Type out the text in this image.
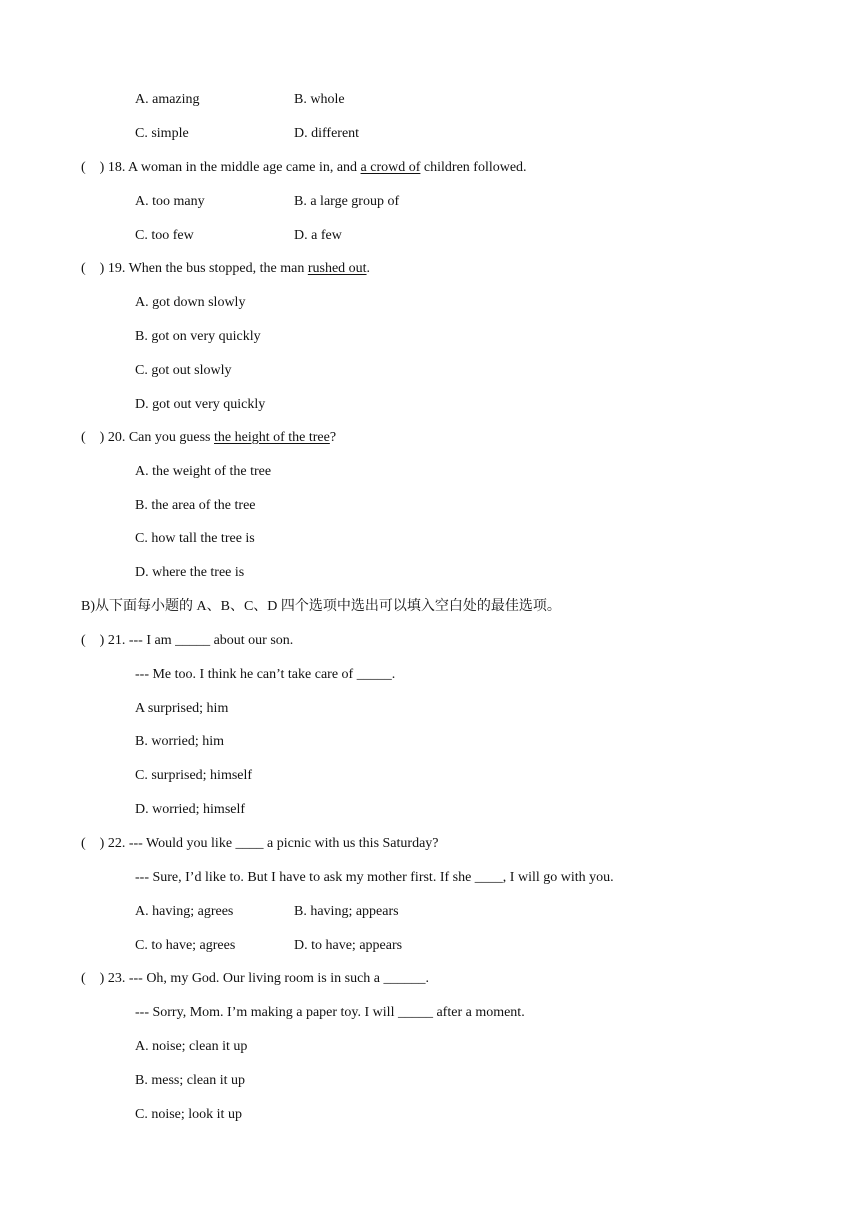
A. amazing	B. whole
C. simple	D. different
(    ) 18. A woman in the middle age came in, and a crowd of children followed.
A. too many	B. a large group of
C. too few	D. a few
(    ) 19. When the bus stopped, the man rushed out.
A. got down slowly
B. got on very quickly
C. got out slowly
D. got out very quickly
(    ) 20. Can you guess the height of the tree?
A. the weight of the tree
B. the area of the tree
C. how tall the tree is
D. where the tree is
B)从下面每小题的 A、B、C、D 四个选项中选出可以填入空白处的最佳选项。
(    ) 21. --- I am _____ about our son.
--- Me too. I think he can’t take care of _____.
A surprised; him
B. worried; him
C. surprised; himself
D. worried; himself
(    ) 22. --- Would you like ____ a picnic with us this Saturday?
--- Sure, I’d like to. But I have to ask my mother first. If she ____, I will go with you.
A. having; agrees	B. having; appears
C. to have; agrees	D. to have; appears
(    ) 23. --- Oh, my God. Our living room is in such a ______.
--- Sorry, Mom. I’m making a paper toy. I will _____ after a moment.
A. noise; clean it up
B. mess; clean it up
C. noise; look it up
